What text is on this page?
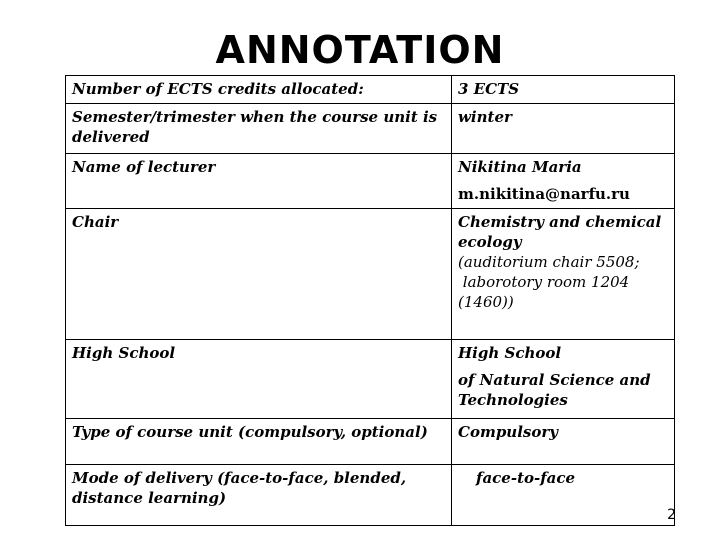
ANNOTATION
Number of ECTS credits allocated:	3 ECTS

Semester/trimester when the course unit is delivered	winter

Name of lecturer	Nikitina Maria
m.nikitina@narfu.ru

Chair	Chemistry and chemical ecology
(auditorium chair 5508;
laborotory room 1204
(1460))

High School	High School
of Natural Science and Technologies

Type of course unit (compulsory, optional)	Compulsory

Mode of delivery (face-to-face, blended, distance learning)	face-to-face
2
